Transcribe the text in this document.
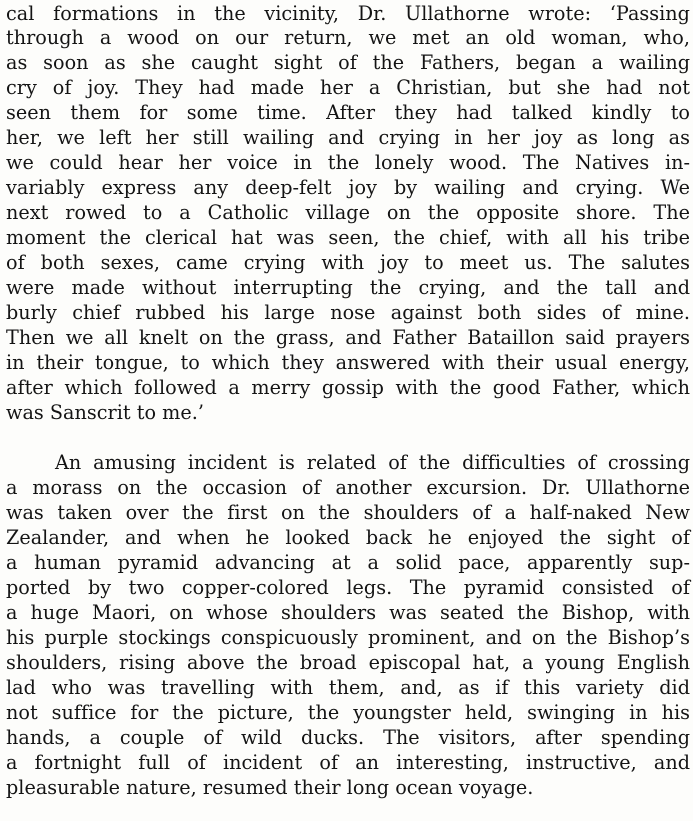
cal formations in the vicinity, Dr. Ullathorne wrote: ‘Passing
through a wood on our return, we met an old woman, who,
as soon as she caught sight of the Fathers, began a wailing
cry of joy. They had made her a Christian, but she had not
seen them for some time. After they had talked kindly to
her, we left her still wailing and crying in her joy as long as
we could hear her voice in the lonely wood. The Natives in-
variably express any deep-felt joy by wailing and crying. We
next rowed to a Catholic village on the opposite shore. The
moment the clerical hat was seen, the chief, with all his tribe
of both sexes, came crying with joy to meet us. The salutes
were made without interrupting the crying, and the tall and
burly chief rubbed his large nose against both sides of mine.
Then we all knelt on the grass, and Father Bataillon said prayers
in their tongue, to which they answered with their usual energy,
after which followed a merry gossip with the good Father, which
was Sanscrit to me.’
An amusing incident is related of the difficulties of crossing
a morass on the occasion of another excursion. Dr. Ullathorne
was taken over the first on the shoulders of a half-naked New
Zealander, and when he looked back he enjoyed the sight of
a human pyramid advancing at a solid pace, apparently sup-
ported by two copper-colored legs. The pyramid consisted of
a huge Maori, on whose shoulders was seated the Bishop, with
his purple stockings conspicuously prominent, and on the Bishop’s
shoulders, rising above the broad episcopal hat, a young English
lad who was travelling with them, and, as if this variety did
not suffice for the picture, the youngster held, swinging in his
hands, a couple of wild ducks. The visitors, after spending
a fortnight full of incident of an interesting, instructive, and
pleasurable nature, resumed their long ocean voyage.
